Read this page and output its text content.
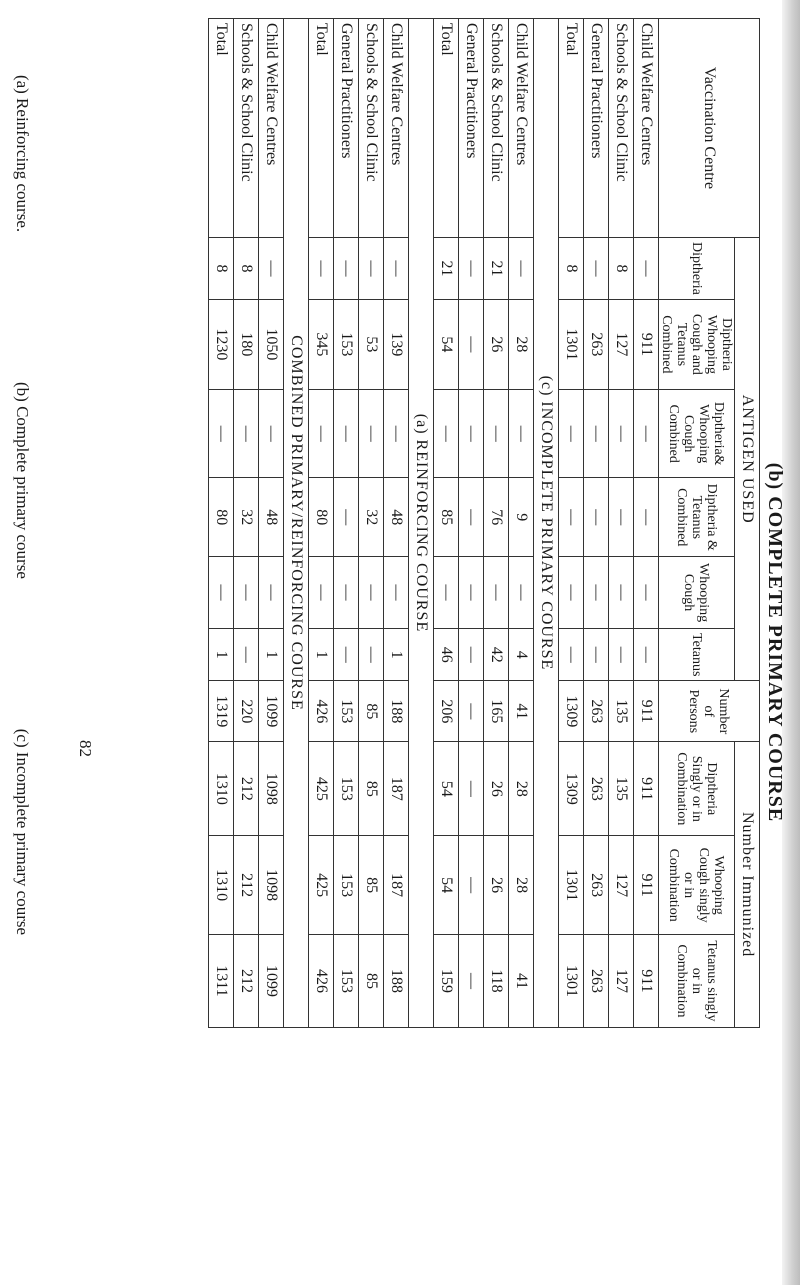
(b) COMPLETE PRIMARY COURSE
Vaccination Centre	ANTIGEN USED						Number of Persons	Number Immunized		
	Diptheria	Diptheria Whooping Cough and Tetanus Combined	Diptheria& Whooping Cough Combined	Diptheria & Tetanus Combined	Whooping Cough	Tetanus		Diptheria Singly or in Combination	Whooping Cough singly or in Combination	Tetanus singly or in Combination
Child Welfare Centres	—	911	—	—	—	—	911	911	911	911
Schools & School Clinic	8	127	—	—	—	—	135	135	127	127
General Practitioners	—	263	—	—	—	—	263	263	263	263
Total	8	1301	—	—	—	—	1309	1309	1301	1301
(c) INCOMPLETE PRIMARY COURSE										
Child Welfare Centres	—	28	—	9	—	4	41	28	28	41
Schools & School Clinic	21	26	—	76	—	42	165	26	26	118
General Practitioners	—	—	—	—	—	—	—	—	—	—
Total	21	54	—	85	—	46	206	54	54	159
(a) REINFORCING COURSE										
Child Welfare Centres	—	139	—	48	—	1	188	187	187	188
Schools & School Clinic	—	53	—	32	—	—	85	85	85	85
General Practitioners	—	153	—	—	—	—	153	153	153	153
Total	—	345	—	80	—	1	426	425	425	426
COMBINED PRIMARY/REINFORCING COURSE										
Child Welfare Centres	—	1050	—	48	—	1	1099	1098	1098	1099
Schools & School Clinic	8	180	—	32	—	—	220	212	212	212
Total	8	1230	—	80	—	1	1319	1310	1310	1311
82
(a) Reinforcing course.
(b) Complete primary course
(c) Incomplete primary course
